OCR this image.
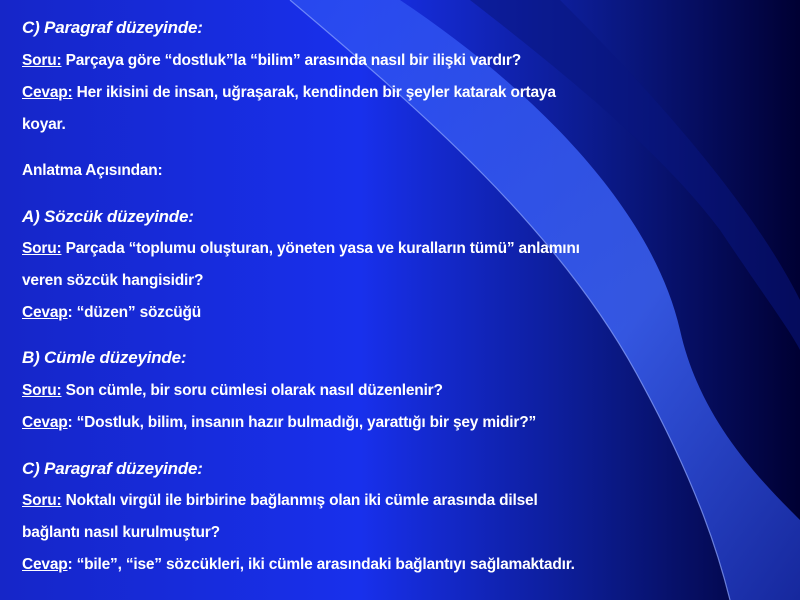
C) Paragraf düzeyinde:
Soru: Parçaya göre “dostluk”la “bilim” arasında nasıl bir ilişki vardır?
Cevap: Her ikisini de insan, uğraşarak, kendinden bir şeyler katarak ortaya
koyar.
Anlatma Açısından:
A) Sözcük düzeyinde:
Soru: Parçada “toplumu oluşturan, yöneten yasa ve kuralların tümü” anlamını
veren sözcük hangisidir?
Cevap: “düzen” sözcüğü
B) Cümle düzeyinde:
Soru: Son cümle, bir soru cümlesi olarak nasıl düzenlenir?
Cevap: “Dostluk, bilim, insanın hazır bulmadığı, yarattığı bir şey midir?”
C) Paragraf düzeyinde:
Soru: Noktalı virgül ile birbirine bağlanmış olan iki cümle arasında dilsel
bağlantı nasıl kurulmuştur?
Cevap: “bile”, “ise” sözcükleri, iki cümle arasındaki bağlantıyı sağlamaktadır.
